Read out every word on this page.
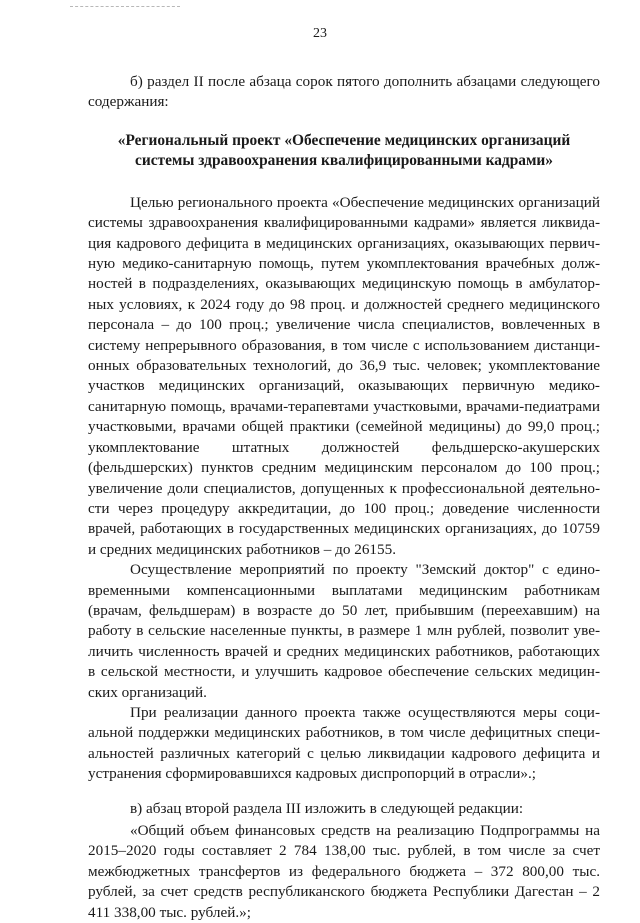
23

б) раздел II после абзаца сорок пятого дополнить абзацами следующего содержания:

«Региональный проект «Обеспечение медицинских организаций системы здравоохранения квалифицированными кадрами»

Целью регионального проекта «Обеспечение медицинских организаций системы здравоохранения квалифицированными кадрами» является ликвидация кадрового дефицита в медицинских организациях, оказывающих первичную медико-санитарную помощь, путем укомплектования врачебных должностей в подразделениях, оказывающих медицинскую помощь в амбулаторных условиях, к 2024 году до 98 проц. и должностей среднего медицинского персонала – до 100 проц.; увеличение числа специалистов, вовлеченных в систему непрерывного образования, в том числе с использованием дистанционных образовательных технологий, до 36,9 тыс. человек; укомплектование участков медицинских организаций, оказывающих первичную медико-санитарную помощь, врачами-терапевтами участковыми, врачами-педиатрами участковыми, врачами общей практики (семейной медицины) до 99,0 проц.; укомплектование штатных должностей фельдшерско-акушерских (фельдшерских) пунктов средним медицинским персоналом до 100 проц.; увеличение доли специалистов, допущенных к профессиональной деятельности через процедуру аккредитации, до 100 проц.; доведение численности врачей, работающих в государственных медицинских организациях, до 10759 и средних медицинских работников – до 26155.

Осуществление мероприятий по проекту "Земский доктор" с единовременными компенсационными выплатами медицинским работникам (врачам, фельдшерам) в возрасте до 50 лет, прибывшим (переехавшим) на работу в сельские населенные пункты, в размере 1 млн рублей, позволит увеличить численность врачей и средних медицинских работников, работающих в сельской местности, и улучшить кадровое обеспечение сельских медицинских организаций.

При реализации данного проекта также осуществляются меры социальной поддержки медицинских работников, в том числе дефицитных специальностей различных категорий с целью ликвидации кадрового дефицита и устранения сформировавшихся кадровых диспропорций в отрасли».;

в) абзац второй раздела III изложить в следующей редакции:

«Общий объем финансовых средств на реализацию Подпрограммы на 2015–2020 годы составляет 2 784 138,00 тыс. рублей, в том числе за счет межбюджетных трансфертов из федерального бюджета – 372 800,00 тыс. рублей, за счет средств республиканского бюджета Республики Дагестан – 2 411 338,00 тыс. рублей.»;
